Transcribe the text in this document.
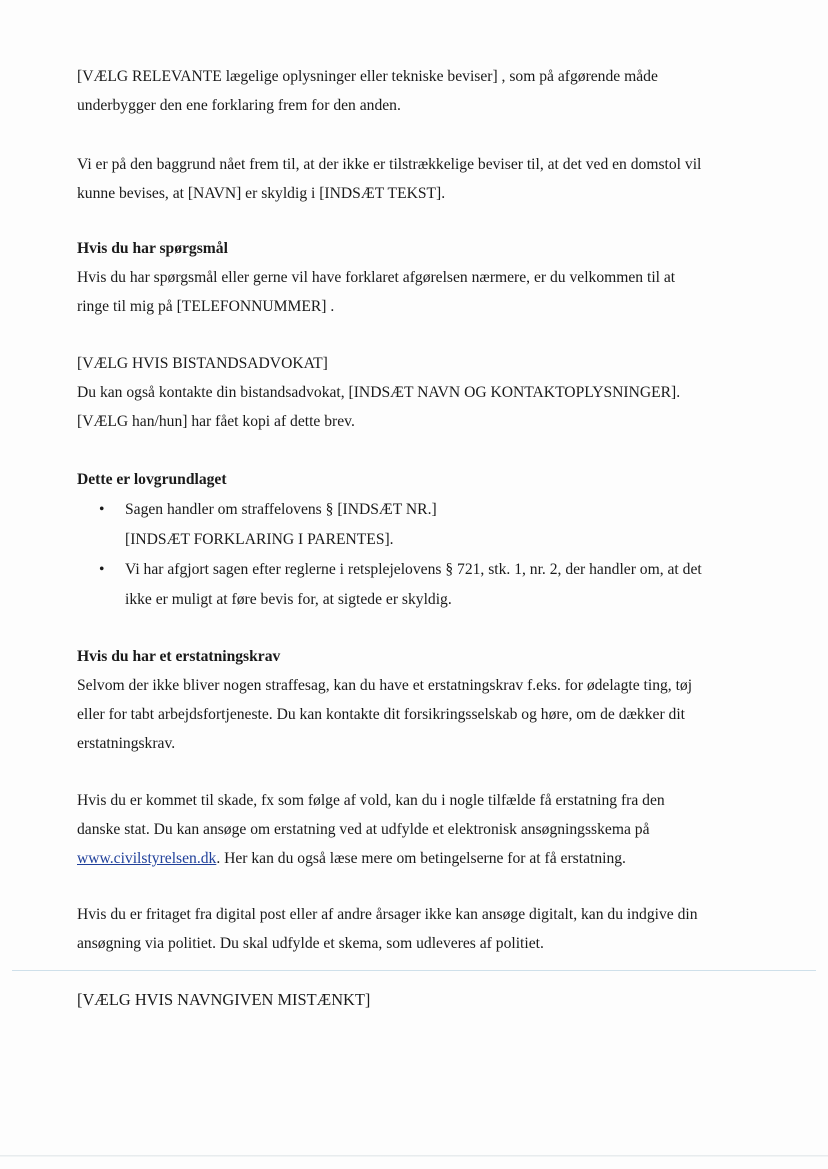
[VÆLG RELEVANTE lægelige oplysninger eller tekniske beviser] , som på afgørende måde
underbygger den ene forklaring frem for den anden.

Vi er på den baggrund nået frem til, at der ikke er tilstrækkelige beviser til, at det ved en domstol vil
kunne bevises, at [NAVN] er skyldig i [INDSÆT TEKST].

Hvis du har spørgsmål
Hvis du har spørgsmål eller gerne vil have forklaret afgørelsen nærmere, er du velkommen til at
ringe til mig på [TELEFONNUMMER] .
[VÆLG HVIS BISTANDSADVOKAT]
Du kan også kontakte din bistandsadvokat, [INDSÆT NAVN OG KONTAKTOPLYSNINGER].
[VÆLG han/hun] har fået kopi af dette brev.
Dette er lovgrundlaget
• Sagen handler om straffelovens § [INDSÆT NR.]
[INDSÆT FORKLARING I PARENTES].
• Vi har afgjort sagen efter reglerne i retsplejelovens § 721, stk. 1, nr. 2, der handler om, at det
ikke er muligt at føre bevis for, at sigtede er skyldig.
Hvis du har et erstatningskrav
Selvom der ikke bliver nogen straffesag, kan du have et erstatningskrav f.eks. for ødelagte ting, tøj
eller for tabt arbejdsfortjeneste. Du kan kontakte dit forsikringsselskab og høre, om de dækker dit
erstatningskrav.

Hvis du er kommet til skade, fx som følge af vold, kan du i nogle tilfælde få erstatning fra den
danske stat. Du kan ansøge om erstatning ved at udfylde et elektronisk ansøgningsskema på
www.civilstyrelsen.dk. Her kan du også læse mere om betingelserne for at få erstatning.

Hvis du er fritaget fra digital post eller af andre årsager ikke kan ansøge digitalt, kan du indgive din
ansøgning via politiet. Du skal udfylde et skema, som udleveres af politiet.

[VÆLG HVIS NAVNGIVEN MISTÆNKT]
